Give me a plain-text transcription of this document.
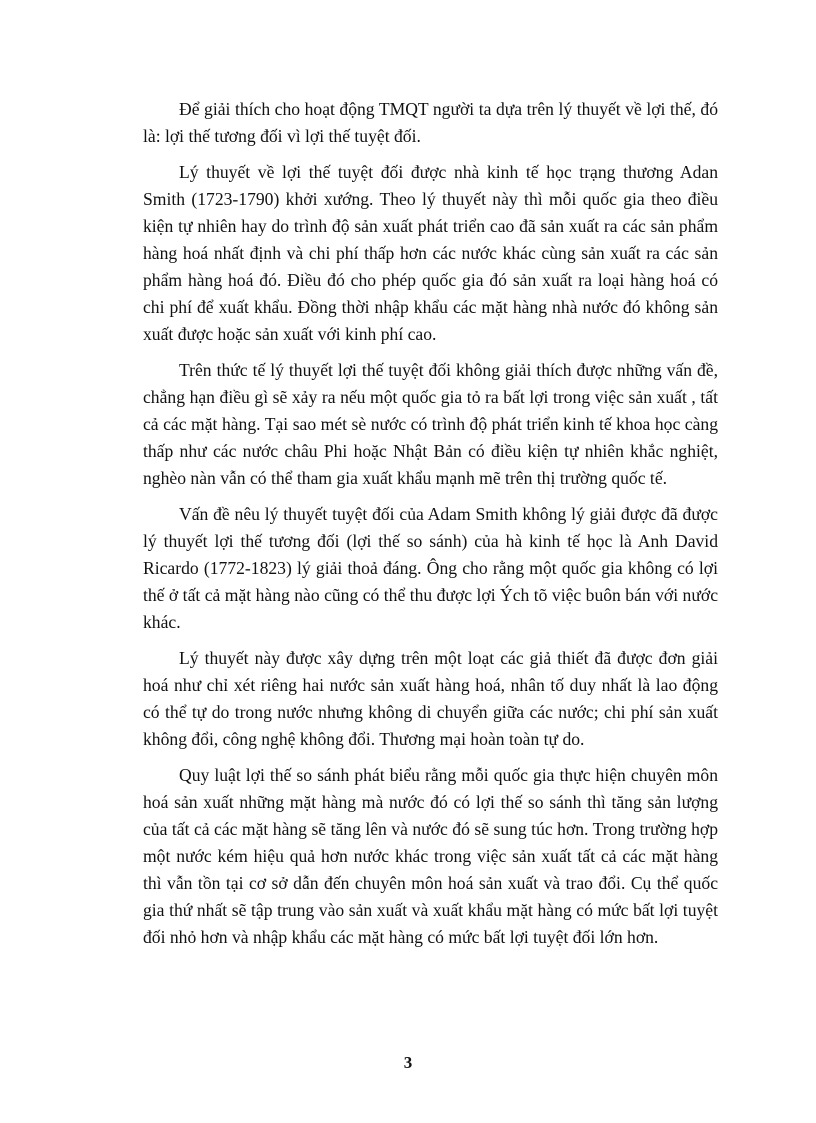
Để giải thích cho hoạt động TMQT người ta dựa trên lý thuyết về lợi thế, đó là: lợi thế tương đối vì lợi thế tuyệt đối.

Lý thuyết về lợi thế tuyệt đối được nhà kinh tế học trạng thương Adan Smith (1723-1790) khởi xướng. Theo lý thuyết này thì mỗi quốc gia theo điều kiện tự nhiên hay do trình độ sản xuất phát triển cao đã sản xuất ra các sản phẩm hàng hoá nhất định và chi phí thấp hơn các nước khác cùng sản xuất ra các sản phẩm hàng hoá đó. Điều đó cho phép quốc gia đó sản xuất ra loại hàng hoá có chi phí để xuất khẩu. Đồng thời nhập khẩu các mặt hàng nhà nước đó không sản xuất được hoặc sản xuất với kinh phí cao.

Trên thức tế lý thuyết lợi thế tuyệt đối không giải thích được những vấn đề, chẳng hạn điều gì sẽ xảy ra nếu một quốc gia tỏ ra bất lợi trong việc sản xuất , tất cả các mặt hàng. Tại sao mét sè nước có trình độ phát triển kinh tế khoa học càng thấp như các nước châu Phi hoặc Nhật Bản có điều kiện tự nhiên khắc nghiệt, nghèo nàn vẫn có thể tham gia xuất khẩu mạnh mẽ trên thị trường quốc tế.

Vấn đề nêu lý thuyết tuyệt đối của Adam Smith không lý giải được đã được lý thuyết lợi thế tương đối (lợi thế so sánh) của hà kinh tế học là Anh David Ricardo (1772-1823) lý giải thoả đáng. Ông cho rằng một quốc gia không có lợi thế ở tất cả mặt hàng nào cũng có thể thu được lợi Ých tõ việc buôn bán với nước khác.

Lý thuyết này được xây dựng trên một loạt các giả thiết đã được đơn giải hoá như chỉ xét riêng hai nước sản xuất hàng hoá, nhân tố duy nhất là lao động có thể tự do trong nước nhưng không di chuyển giữa các nước; chi phí sản xuất không đổi, công nghệ không đổi. Thương mại hoàn toàn tự do.

Quy luật lợi thế so sánh phát biểu rằng mỗi quốc gia thực hiện chuyên môn hoá sản xuất những mặt hàng mà nước đó có lợi thế so sánh thì tăng sản lượng của tất cả các mặt hàng sẽ tăng lên và nước đó sẽ sung túc hơn. Trong trường hợp một nước kém hiệu quả hơn nước khác trong việc sản xuất tất cả các mặt hàng thì vẫn tồn tại cơ sở dẫn đến chuyên môn hoá sản xuất và trao đổi. Cụ thể quốc gia thứ nhất sẽ tập trung vào sản xuất và xuất khẩu mặt hàng có mức bất lợi tuyệt đối nhỏ hơn và nhập khẩu các mặt hàng có mức bất lợi tuyệt đối lớn hơn.

3
